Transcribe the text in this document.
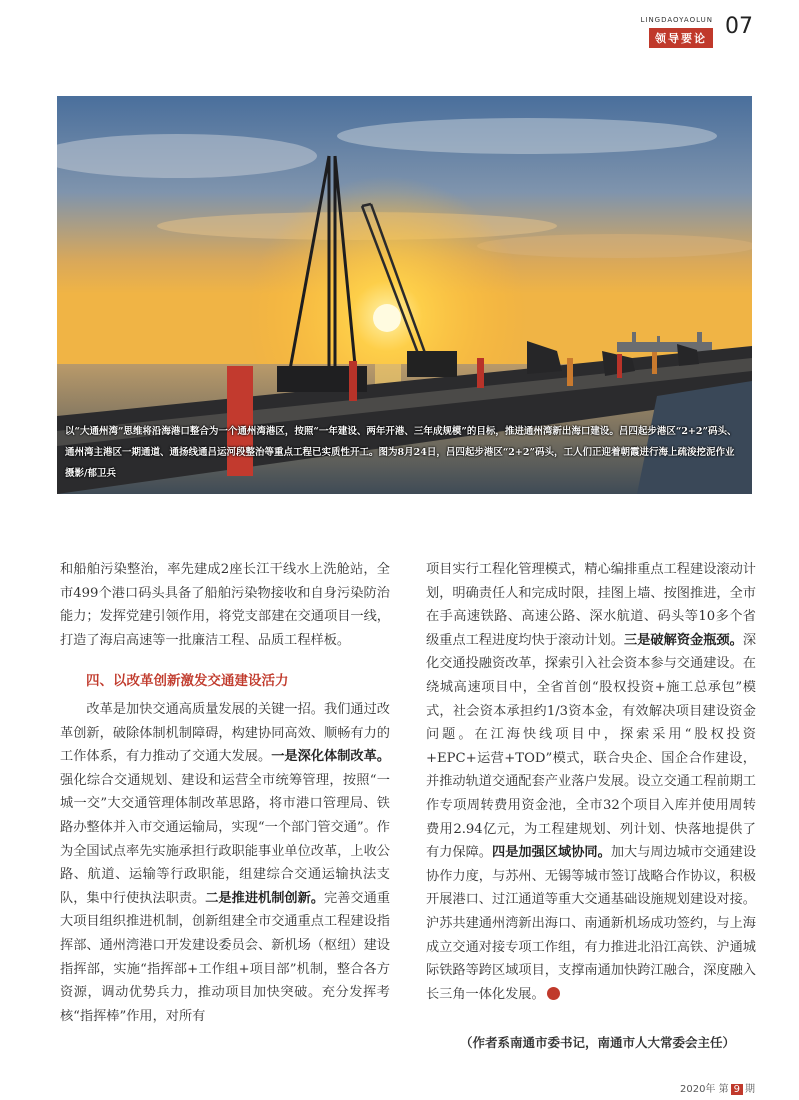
LINGDAOYAOLUN
领导要论 07
以“大通州湾”思维将沿海港口整合为一个通州湾港区，按照“一年建设、两年开港、三年成规模”的目标，推进通州湾新出海口建设。吕四起步港区“2+2”码头、通州湾主港区一期通道、通扬线通吕运河段整治等重点工程已实质性开工。图为8月24日，吕四起步港区“2+2”码头，工人们正迎着朝霞进行海上疏浚挖泥作业 摄影/郁卫兵

和船舶污染整治，率先建成2座长江干线水上洗舱站，全市499个港口码头具备了船舶污染物接收和自身污染防治能力；发挥党建引领作用，将党支部建在交通项目一线，打造了海启高速等一批廉洁工程、品质工程样板。

四、以改革创新激发交通建设活力

改革是加快交通高质量发展的关键一招。我们通过改革创新，破除体制机制障碍，构建协同高效、顺畅有力的工作体系，有力推动了交通大发展。一是深化体制改革。强化综合交通规划、建设和运营全市统筹管理，按照“一城一交”大交通管理体制改革思路，将市港口管理局、铁路办整体并入市交通运输局，实现“一个部门管交通”。作为全国试点率先实施承担行政职能事业单位改革，上收公路、航道、运输等行政职能，组建综合交通运输执法支队，集中行使执法职责。二是推进机制创新。完善交通重大项目组织推进机制，创新组建全市交通重点工程建设指挥部、通州湾港口开发建设委员会、新机场（枢纽）建设指挥部，实施“指挥部+工作组+项目部”机制，整合各方资源，调动优势兵力，推动项目加快突破。充分发挥考核“指挥棒”作用，对所有

项目实行工程化管理模式，精心编排重点工程建设滚动计划，明确责任人和完成时限，挂图上墙、按图推进，全市在手高速铁路、高速公路、深水航道、码头等10多个省级重点工程进度均快于滚动计划。三是破解资金瓶颈。深化交通投融资改革，探索引入社会资本参与交通建设。在绕城高速项目中，全省首创“股权投资+施工总承包”模式，社会资本承担约1/3资本金，有效解决项目建设资金问题。在江海快线项目中，探索采用“股权投资+EPC+运营+TOD”模式，联合央企、国企合作建设，并推动轨道交通配套产业落户发展。设立交通工程前期工作专项周转费用资金池，全市32个项目入库并使用周转费用2.94亿元，为工程建规划、列计划、快落地提供了有力保障。四是加强区域协同。加大与周边城市交通建设协作力度，与苏州、无锡等城市签订战略合作协议，积极开展港口、过江通道等重大交通基础设施规划建设对接。沪苏共建通州湾新出海口、南通新机场成功签约，与上海成立交通对接专项工作组，有力推进北沿江高铁、沪通城际铁路等跨区域项目，支撑南通加快跨江融合，深度融入长三角一体化发展。

（作者系南通市委书记，南通市人大常委会主任）
2020年 第 9 期
